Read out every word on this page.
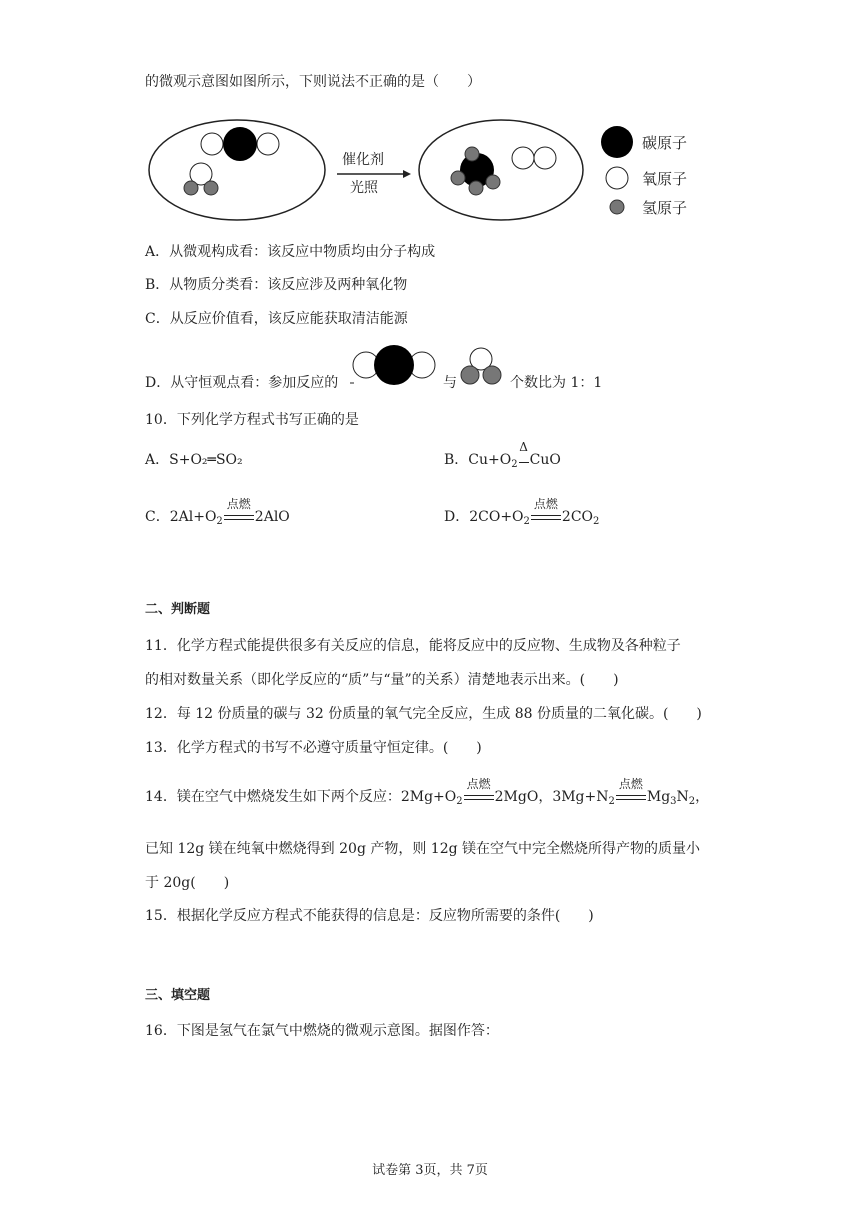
的微观示意图如图所示，下则说法不正确的是（　　）
催化剂
光照
碳原子
氧原子
氢原子
A．从微观构成看：该反应中物质均由分子构成
B．从物质分类看：该反应涉及两种氧化物
C．从反应价值看，该反应能获取清洁能源
D．从守恒观点看：参加反应的	与	个数比为 1：1
10．下列化学方程式书写正确的是
A．S+O₂═SO₂	B．$Cu+O_2$
Δ
CuO
C．$2Al+O_2$
点燃
2AlO	D．$2CO+O_2$
点燃
$2CO_2$
二、判断题
11．化学方程式能提供很多有关反应的信息，能将反应中的反应物、生成物及各种粒子
的相对数量关系（即化学反应的“质”与“量”的关系）清楚地表示出来。(　　)
12．每 12 份质量的碳与 32 份质量的氧气完全反应，生成 88 份质量的二氧化碳。(　　)
13．化学方程式的书写不必遵守质量守恒定律。(　　)
14．镁在空气中燃烧发生如下两个反应：$2Mg+O_2$
点燃
2MgO，$3Mg+N_2$
点燃
$Mg_3N_2$，
已知 12g 镁在纯氧中燃烧得到 20g 产物，则 12g 镁在空气中完全燃烧所得产物的质量小
于 20g(　　)
15．根据化学反应方程式不能获得的信息是：反应物所需要的条件(　　)
三、填空题
16．下图是氢气在氯气中燃烧的微观示意图。据图作答：
试卷第 3页，共 7页
